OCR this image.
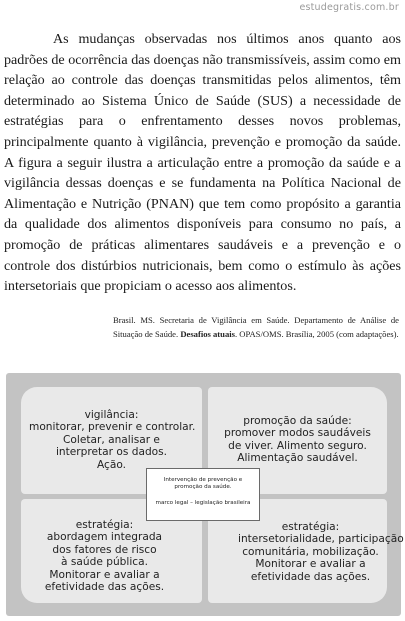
estudegratis.com.br

As mudanças observadas nos últimos anos quanto aos padrões de ocorrência das doenças não transmissíveis, assim como em relação ao controle das doenças transmitidas pelos alimentos, têm determinado ao Sistema Único de Saúde (SUS) a necessidade de estratégias para o enfrentamento desses novos problemas, principalmente quanto à vigilância, prevenção e promoção da saúde. A figura a seguir ilustra a articulação entre a promoção da saúde e a vigilância dessas doenças e se fundamenta na Política Nacional de Alimentação e Nutrição (PNAN) que tem como propósito a garantia da qualidade dos alimentos disponíveis para consumo no país, a promoção de práticas alimentares saudáveis e a prevenção e o controle dos distúrbios nutricionais, bem como o estímulo às ações intersetoriais que propiciam o acesso aos alimentos.

Brasil. MS. Secretaria de Vigilância em Saúde. Departamento de Análise de Situação de Saúde. Desafios atuais. OPAS/OMS. Brasília, 2005 (com adaptações).

vigilância:
monitorar, prevenir e controlar.
Coletar, analisar e
interpretar os dados.
Ação.
promoção da saúde:
promover modos saudáveis
de viver. Alimento seguro.
Alimentação saudável.
estratégia:
abordagem integrada
dos fatores de risco
à saúde pública.
Monitorar e avaliar a
efetividade das ações.
estratégia:
intersetorialidade, participação
comunitária, mobilização.
Monitorar e avaliar a
efetividade das ações.
Intervenção de prevenção e
promoção da saúde.
marco legal – legislação brasileira
